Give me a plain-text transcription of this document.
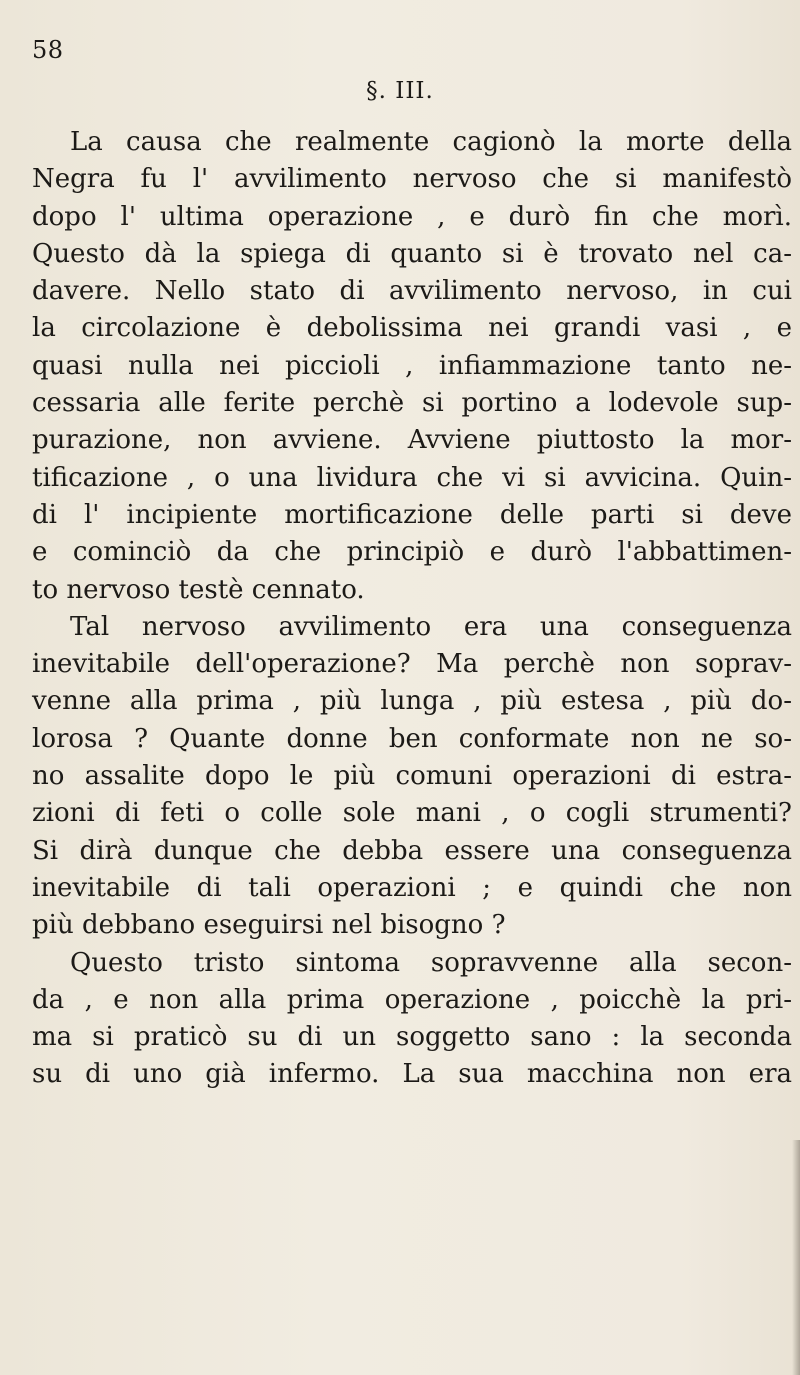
58
§. III.
La causa che realmente cagionò la morte della
Negra fu l' avvilimento nervoso che si manifestò
dopo l' ultima operazione , e durò fin che morì.
Questo dà la spiega di quanto si è trovato nel ca-
davere. Nello stato di avvilimento nervoso, in cui
la circolazione è debolissima nei grandi vasi , e
quasi nulla nei piccioli , infiammazione tanto ne-
cessaria alle ferite perchè si portino a lodevole sup-
purazione, non avviene. Avviene piuttosto la mor-
tificazione , o una lividura che vi si avvicina. Quin-
di l' incipiente mortificazione delle parti si deve
e cominciò da che principiò e durò l'abbattimen-
to nervoso testè cennato.
Tal nervoso avvilimento era una conseguenza
inevitabile dell'operazione? Ma perchè non soprav-
venne alla prima , più lunga , più estesa , più do-
lorosa ? Quante donne ben conformate non ne so-
no assalite dopo le più comuni operazioni di estra-
zioni di feti o colle sole mani , o cogli strumenti?
Si dirà dunque che debba essere una conseguenza
inevitabile di tali operazioni ; e quindi che non
più debbano eseguirsi nel bisogno ?
Questo tristo sintoma sopravvenne alla secon-
da , e non alla prima operazione , poicchè la pri-
ma si praticò su di un soggetto sano : la seconda
su di uno già infermo. La sua macchina non era
